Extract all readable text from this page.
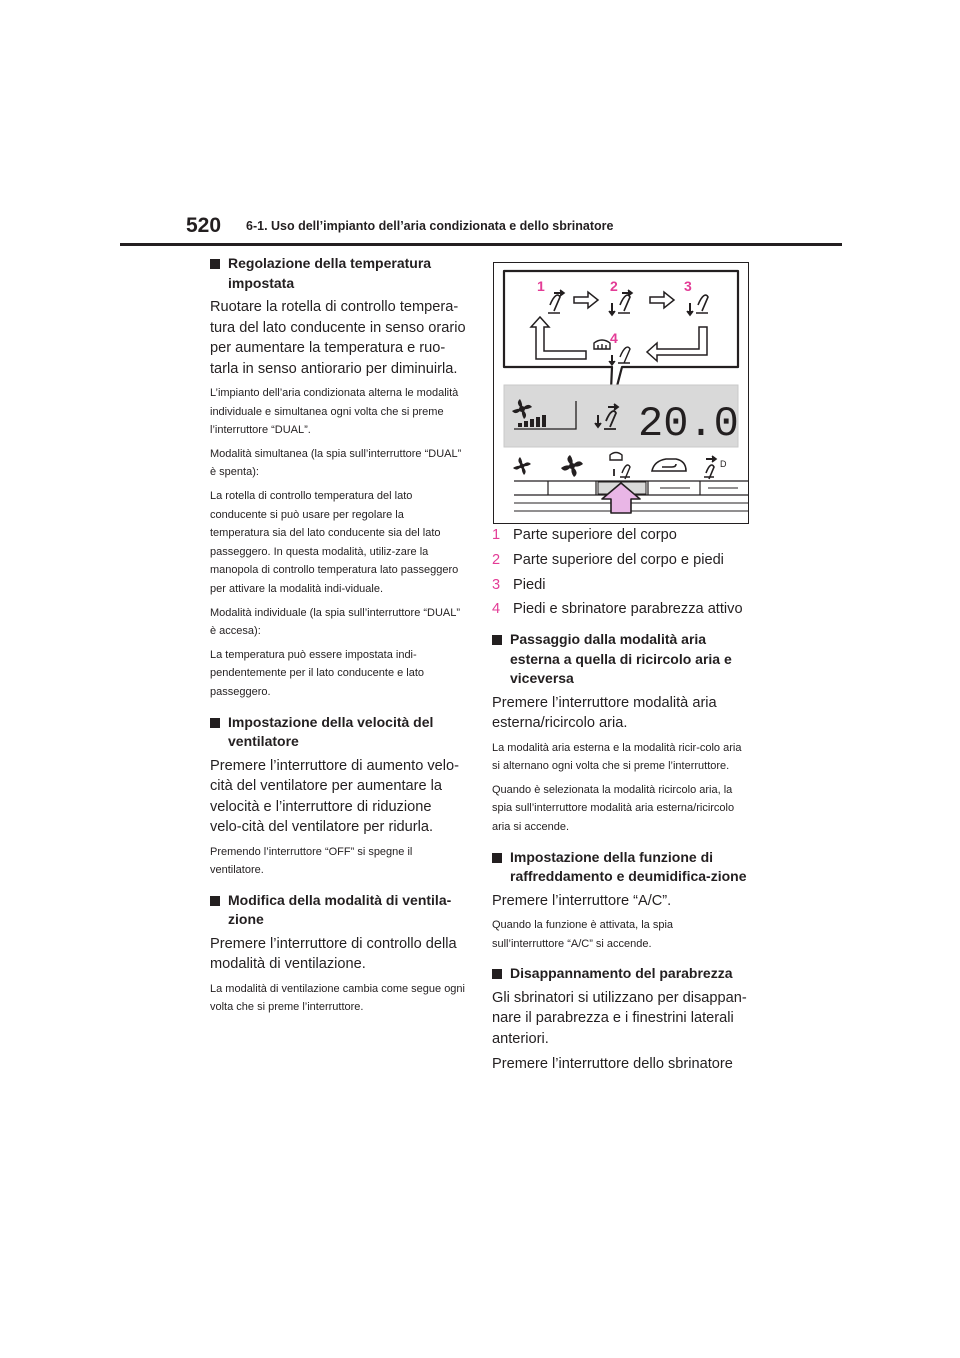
520 6-1. Uso dell’impianto dell’aria condizionata e dello sbrinatore

Regolazione della temperatura impostata

Ruotare la rotella di controllo tempera-tura del lato conducente in senso orario per aumentare la temperatura e ruo-tarla in senso antiorario per diminuirla.

L’impianto dell’aria condizionata alterna le modalità individuale e simultanea ogni volta che si preme l’interruttore “DUAL”.

Modalità simultanea (la spia sull’interruttore “DUAL” è spenta):

La rotella di controllo temperatura del lato conducente si può usare per regolare la temperatura sia del lato conducente sia del lato passeggero. In questa modalità, utiliz-zare la manopola di controllo temperatura lato passeggero per attivare la modalità indi-viduale.

Modalità individuale (la spia sull’interruttore “DUAL” è accesa):

La temperatura può essere impostata indi-pendentemente per il lato conducente e lato passeggero.

Impostazione della velocità del ventilatore

Premere l’interruttore di aumento velo-cità del ventilatore per aumentare la velocità e l’interruttore di riduzione velo-cità del ventilatore per ridurla.

Premendo l’interruttore “OFF” si spegne il ventilatore.

Modifica della modalità di ventila-zione

Premere l’interruttore di controllo della modalità di ventilazione.

La modalità di ventilazione cambia come segue ogni volta che si preme l’interruttore.

1	2	3
4
20.0
D
1 Parte superiore del corpo
2 Parte superiore del corpo e piedi
3 Piedi
4 Piedi e sbrinatore parabrezza attivo

Passaggio dalla modalità aria esterna a quella di ricircolo aria e viceversa

Premere l’interruttore modalità aria esterna/ricircolo aria.

La modalità aria esterna e la modalità ricir-colo aria si alternano ogni volta che si preme l’interruttore.

Quando è selezionata la modalità ricircolo aria, la spia sull’interruttore modalità aria esterna/ricircolo aria si accende.

Impostazione della funzione di raffreddamento e deumidifica-zione

Premere l’interruttore “A/C”.

Quando la funzione è attivata, la spia sull’interruttore “A/C” si accende.

Disappannamento del parabrezza

Gli sbrinatori si utilizzano per disappan-nare il parabrezza e i finestrini laterali anteriori.

Premere l’interruttore dello sbrinatore
